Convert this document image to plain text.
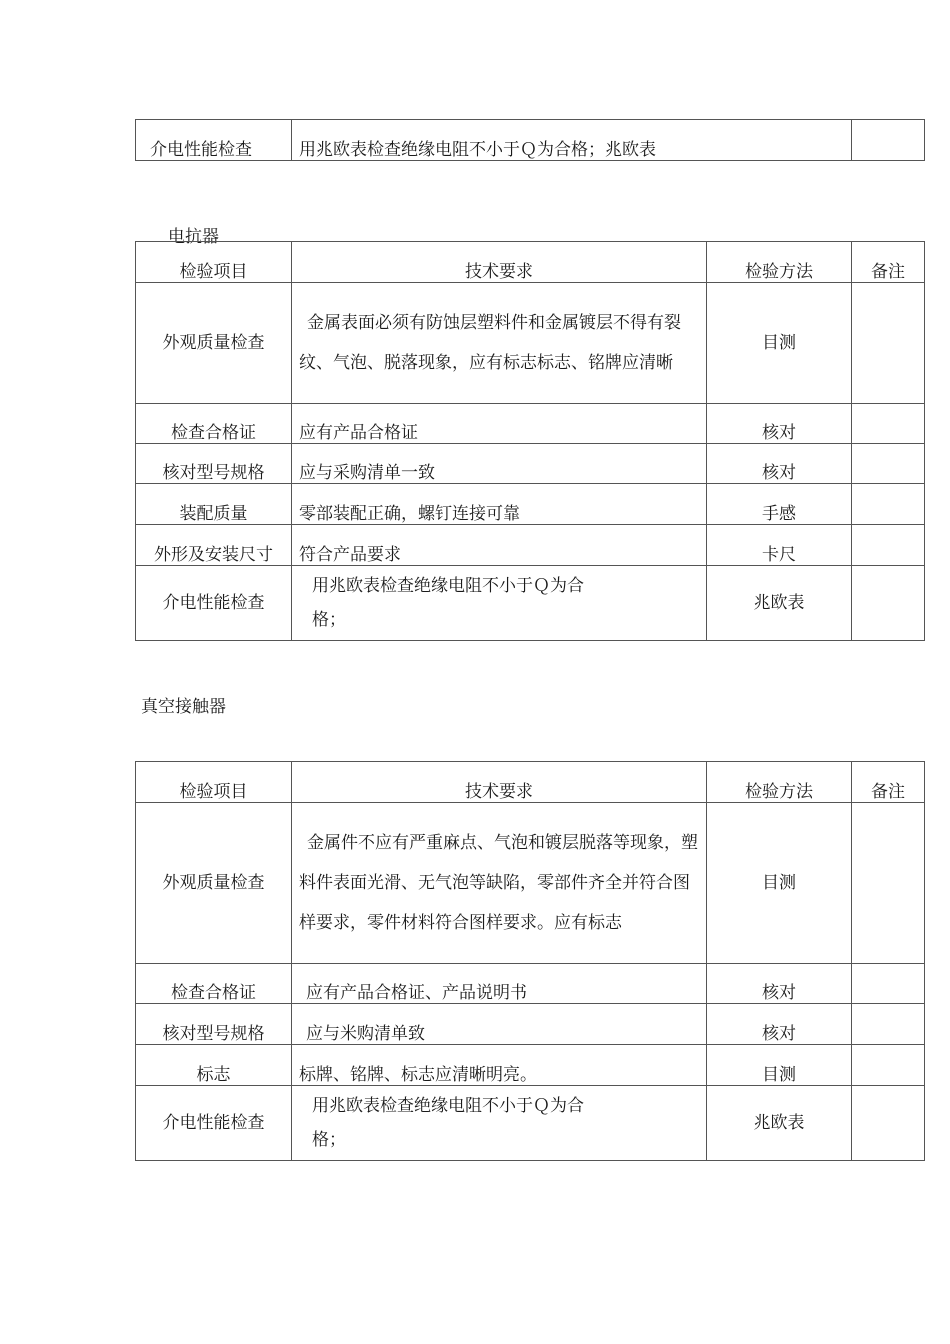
介电性能检查	用兆欧表检查绝缘电阻不小于Ｑ为合格；兆欧表	
电抗器
检验项目	技术要求	检验方法	备注
外观质量检查	金属表面必须有防蚀层塑料件和金属镀层不得有裂纹、气泡、脱落现象，应有标志标志、铭牌应清晰	目测	
检查合格证	应有产品合格证	核对	
核对型号规格	应与采购清单一致	核对	
装配质量	零部装配正确，螺钉连接可靠	手感	
外形及安装尺寸	符合产品要求	卡尺	
介电性能检查	用兆欧表检查绝缘电阻不小于Ｑ为合格；	兆欧表	
真空接触器
检验项目	技术要求	检验方法	备注
外观质量检查	金属件不应有严重麻点、气泡和镀层脱落等现象，塑料件表面光滑、无气泡等缺陷，零部件齐全并符合图样要求，零件材料符合图样要求。应有标志	目测	
检查合格证	应有产品合格证、产品说明书	核对	
核对型号规格	应与米购清单致	核对	
标志	标牌、铭牌、标志应清晰明亮。	目测	
介电性能检查	用兆欧表检查绝缘电阻不小于Ｑ为合格；	兆欧表	
